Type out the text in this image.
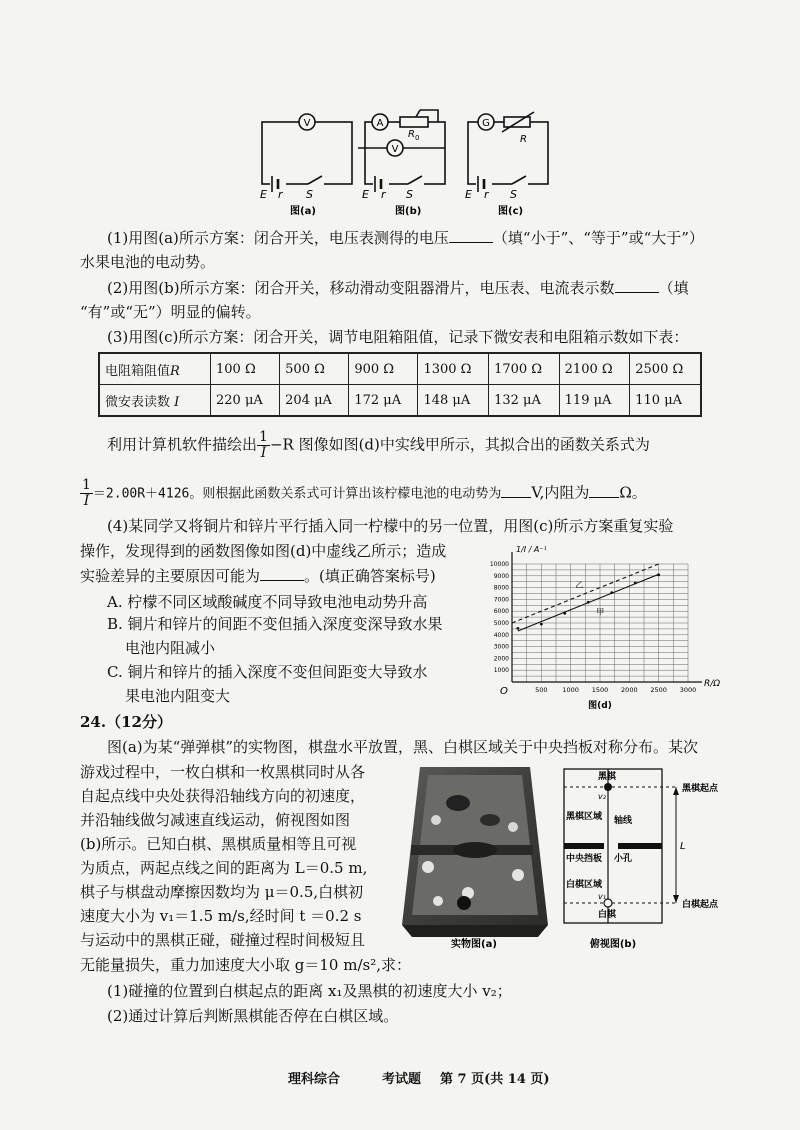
V
E r S
A
V
R 0
E r S
G
R
E r S
图(a)	图(b)	图(c)
(1)用图(a)所示方案：闭合开关，电压表测得的电压	（填“小于”、“等于”或“大于”）
水果电池的电动势。
(2)用图(b)所示方案：闭合开关，移动滑动变阻器滑片，电压表、电流表示数	（填
“有”或“无”）明显的偏转。
(3)用图(c)所示方案：闭合开关，调节电阻箱阻值，记录下微安表和电阻箱示数如下表：
电阻箱阻值R	100 Ω	500 Ω	900 Ω	1300 Ω	1700 Ω	2100 Ω	2500 Ω
微安表读数 I	220 μA	204 μA	172 μA	148 μA	132 μA	119 μA	110 μA
利用计算机软件描绘出 $\frac{1}{I} -R$ 图像如图(d)中实线甲所示，其拟合出的函数关系式为
$\frac{1}{I} =2.00R+4126$。则根据此函数关系式可计算出该柠檬电池的电动势为 V,内阻为 Ω。
(4)某同学又将铜片和锌片平行插入同一柠檬中的另一位置，用图(c)所示方案重复实验
操作，发现得到的函数图像如图(d)中虚线乙所示；造成
实验差异的主要原因可能为	。(填正确答案标号)
A. 柠檬不同区域酸碱度不同导致电池电动势升高
B. 铜片和锌片的间距不变但插入深度变深导致水果
电池内阻减小
C. 铜片和锌片的插入深度不变但间距变大导致水
果电池内阻变大
1000
2000
3000
4000
5000
6000
7000
8000
9000
10000
500 1000 1500 2000 2500 3000
1/I / A⁻¹
R/Ω
O
图(d)
甲
乙
24.（12分）
图(a)为某“弹弹棋”的实物图，棋盘水平放置，黑、白棋区域关于中央挡板对称分布。某次
游戏过程中，一枚白棋和一枚黑棋同时从各
自起点线中央处获得沿轴线方向的初速度，
并沿轴线做匀减速直线运动，俯视图如图
(b)所示。已知白棋、黑棋质量相等且可视
为质点，两起点线之间的距离为 L＝0.5 m,
棋子与棋盘动摩擦因数均为 μ＝0.5,白棋初
速度大小为 v₁＝1.5 m/s,经时间 t ＝0.2 s
与运动中的黑棋正碰，碰撞过程时间极短且
无能量损失，重力加速度大小取 g＝10 m/s²,求：
(1)碰撞的位置到白棋起点的距离 x₁及黑棋的初速度大小 v₂；
(2)通过计算后判断黑棋能否停在白棋区域。
实物图(a)
黑棋
v₂
黑棋起点
黑棋区域 轴线
中央挡板 小孔
L
白棋区域
v₁
白棋
白棋起点
俯视图(b)
理科综合	考试题 第 7 页(共 14 页)
